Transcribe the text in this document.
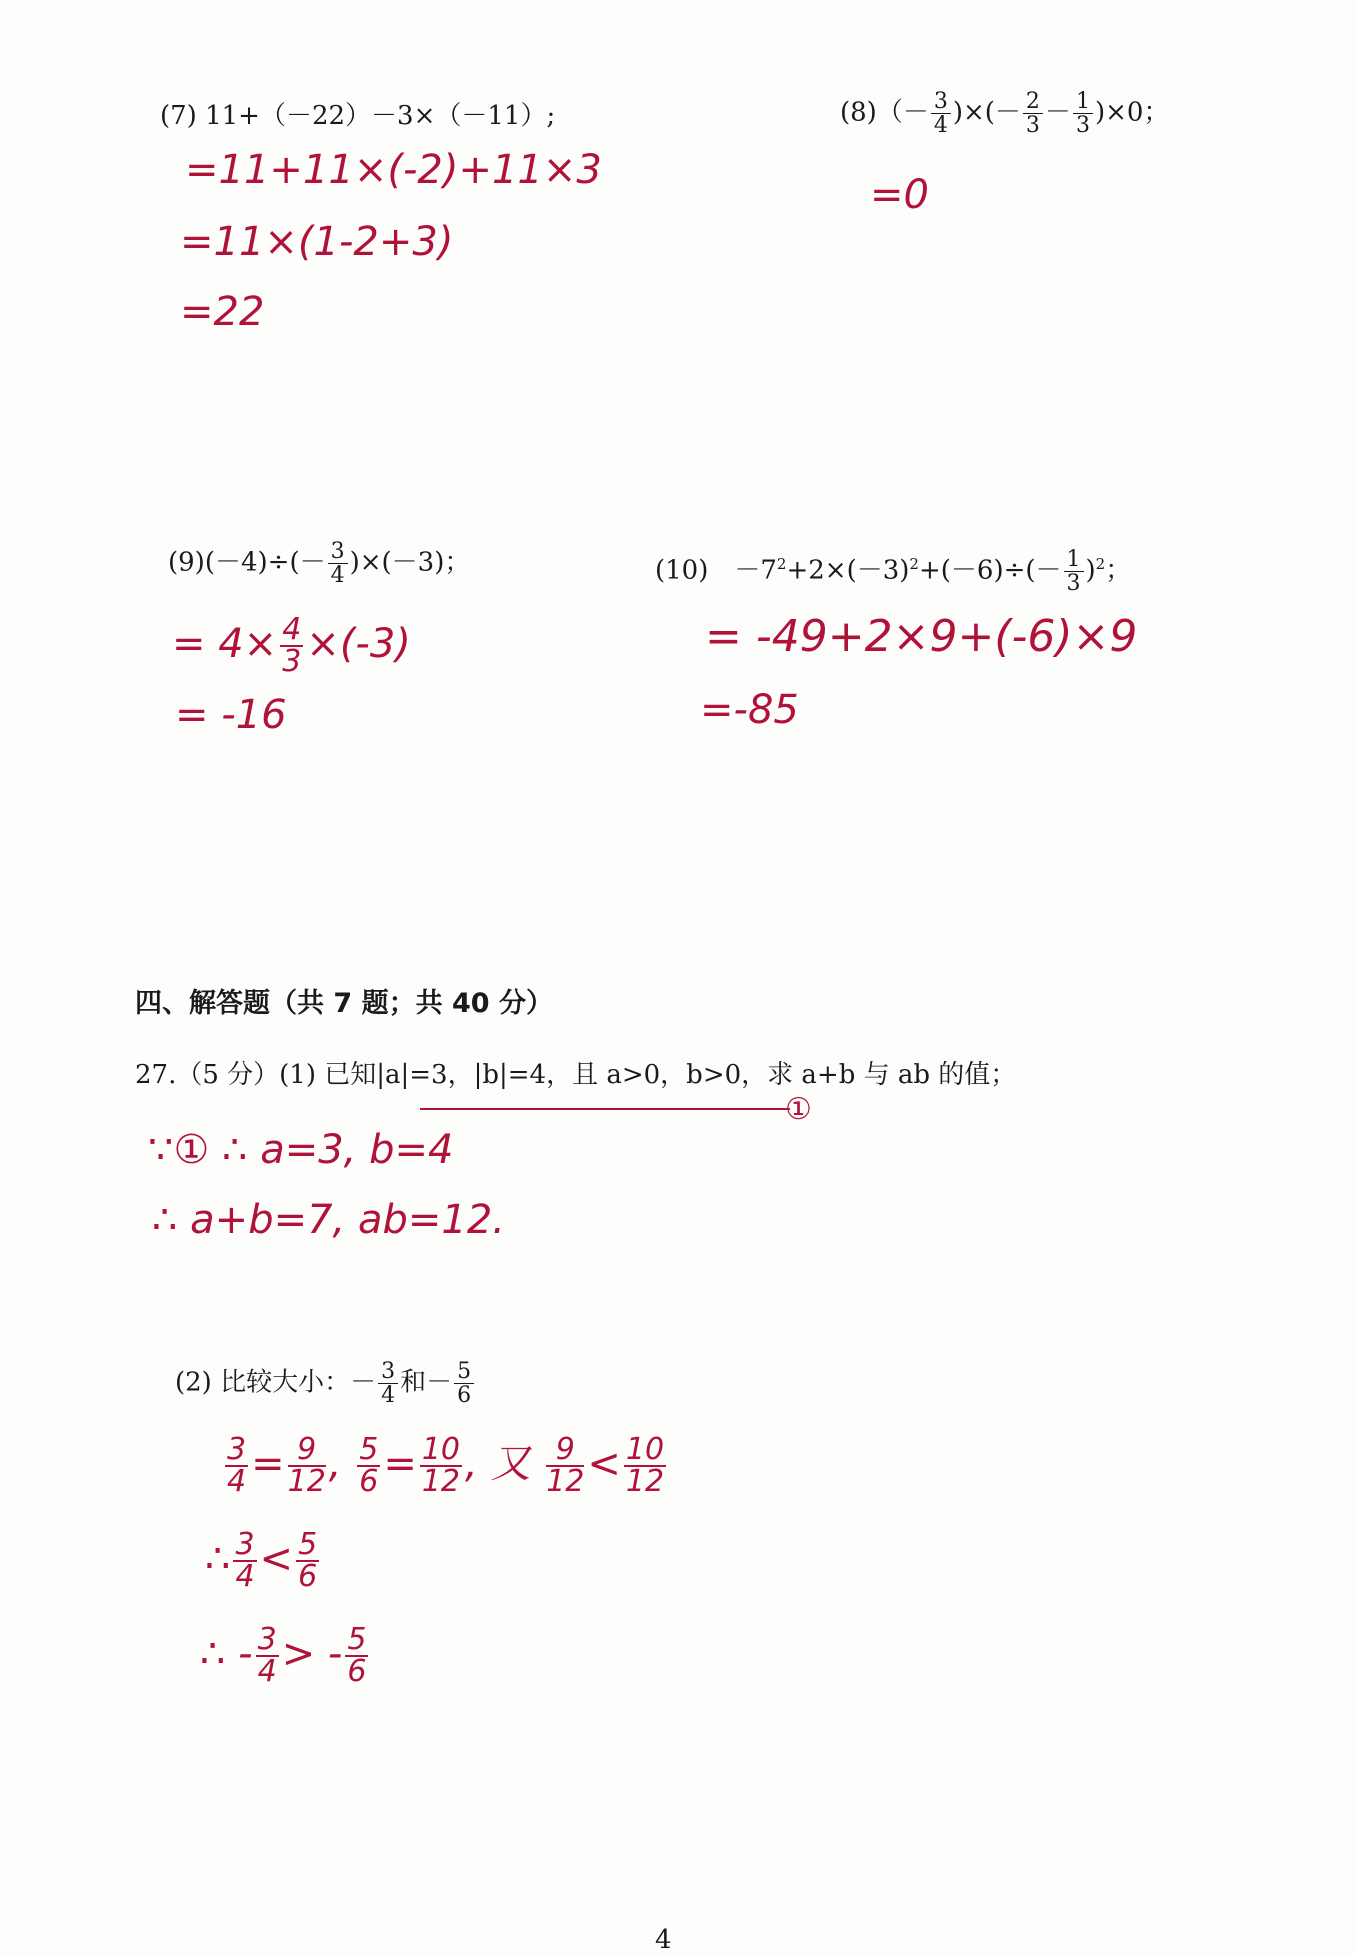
(7) 11+（－22）－3×（－11）;
=11+11×(-2)+11×3
=11×(1-2+3)
=22
$(8)(- \frac{3}{4}$ )×(－ $\frac{2}{3} - \frac{1}{3} )\times 0$；
=0
$(9)(-4)\div(- \frac{3}{4} )\times(-3)$；
= $4\times \frac{4}{3} \times(-3)$
= -16
(10)　$-7^2+2\times(-3)^2+(-6)\div(- \frac{1}{3} )^2$；
= -49+2×9+(-6)×9
=-85
四、解答题（共 7 题；共 40 分）
27.（5 分）(1) 已知|a|=3，|b|=4，且 a>0，b>0，求 a+b 与 ab 的值；
①
∵① ∴ a=3, b=4
∴ a+b=7, ab=12.
(2) 比较大小：－ $\frac{3}{4}$ 和－ $\frac{5}{6}$
$\frac{3}{4} = \frac{9}{12}$ , $\frac{5}{6} = \frac{10}{12}$ , 又 $\frac{9}{12} < \frac{10}{12}$
∴ $\frac{3}{4} < \frac{5}{6}$
∴ - $\frac{3}{4}$ > - $\frac{5}{6}$
4
